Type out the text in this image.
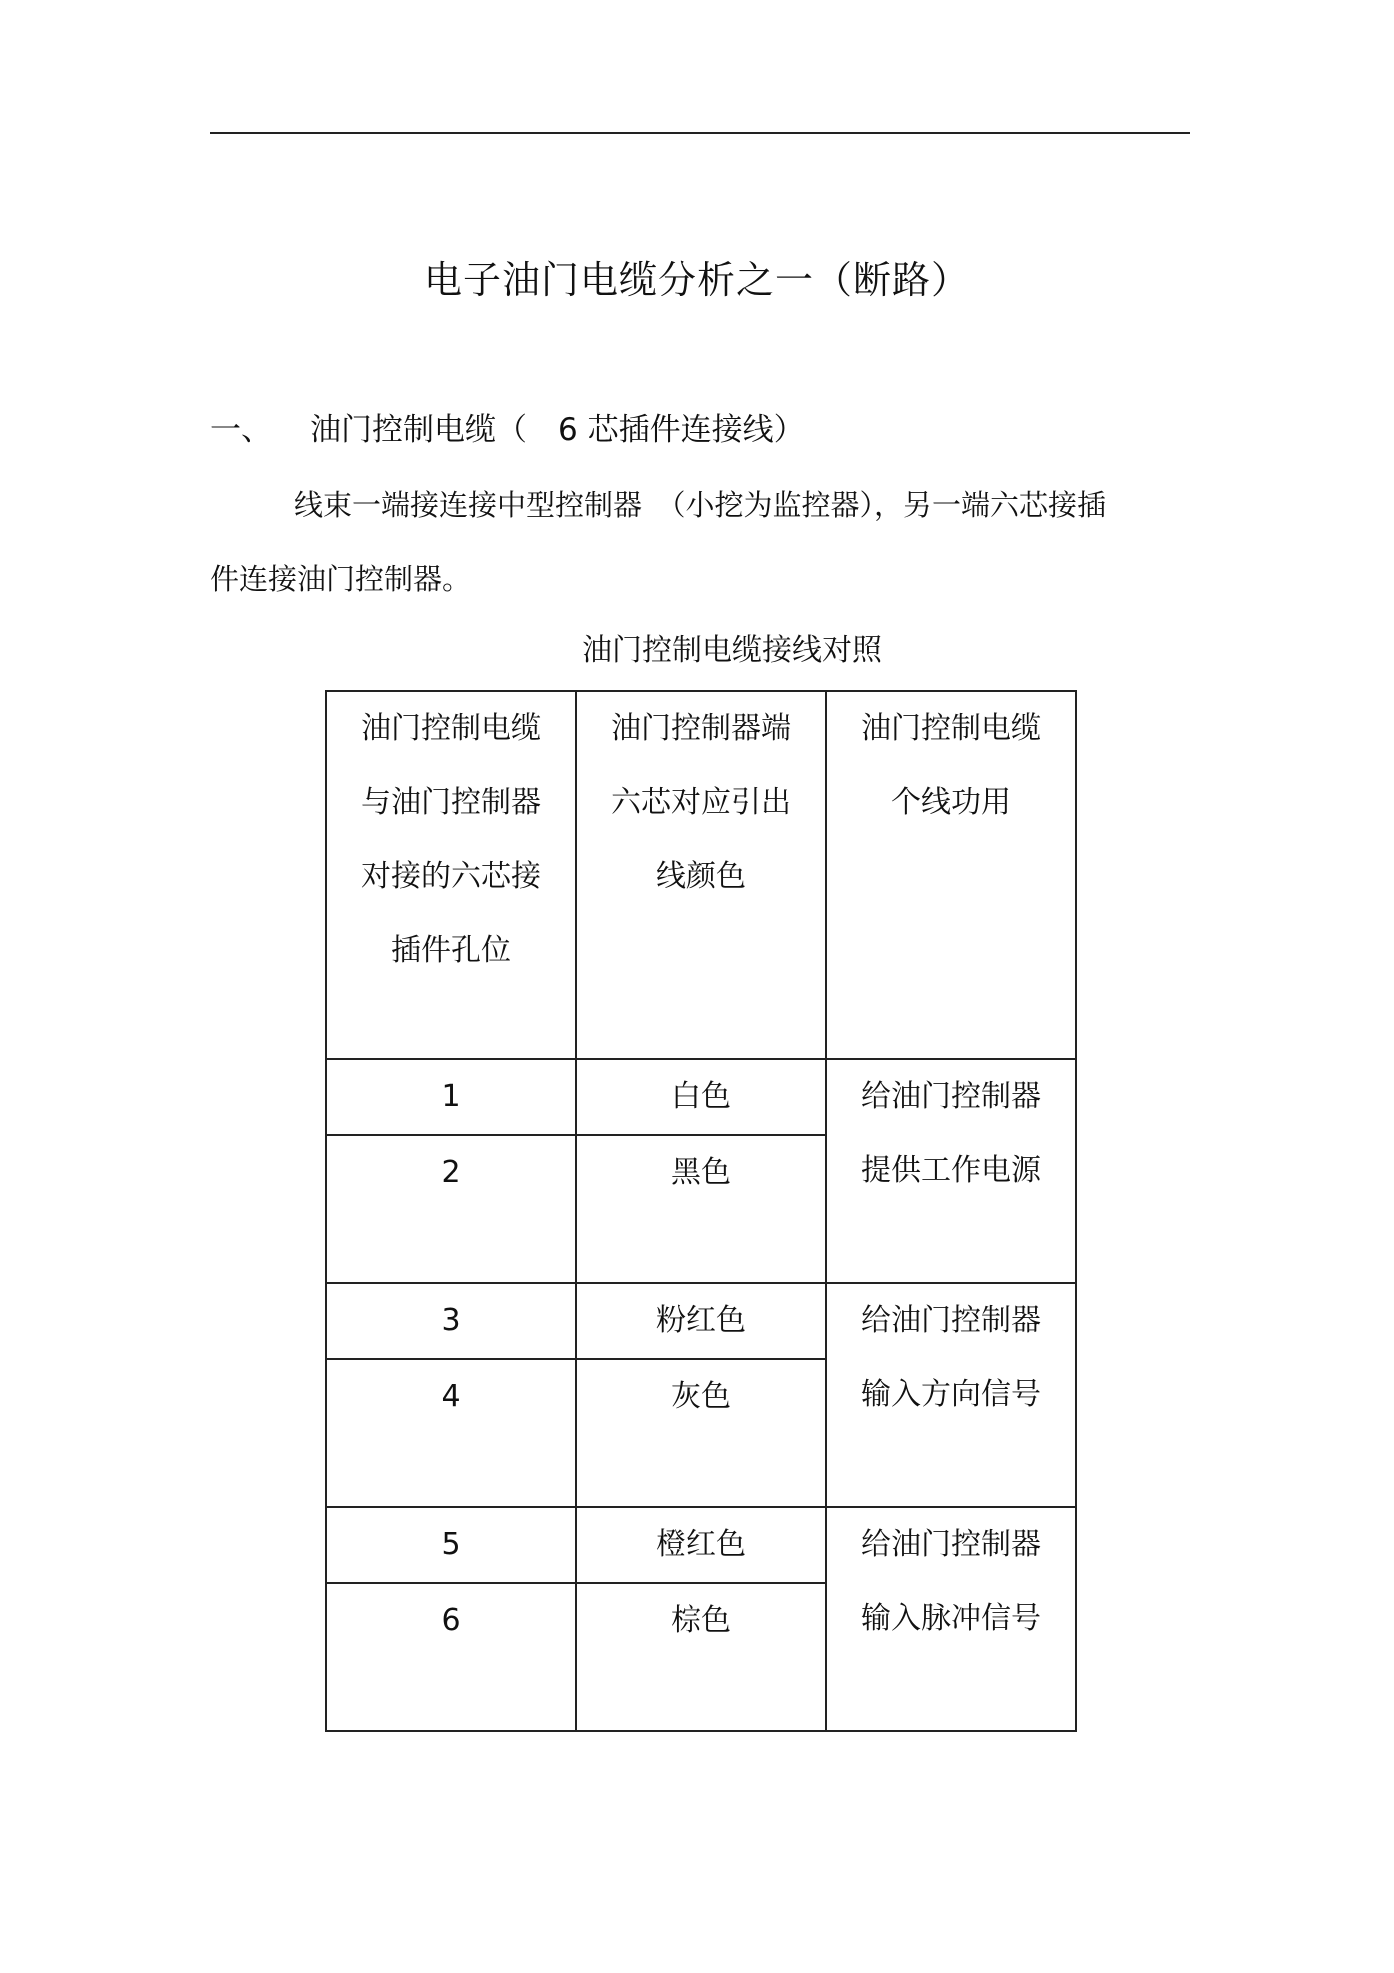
电子油门电缆分析之一（断路）
一、 油门控制电缆（　6 芯插件连接线）
线束一端接连接中型控制器　（小挖为监控器），另一端六芯接插
件连接油门控制器。
油门控制电缆接线对照
油门控制电缆与油门控制器对接的六芯接插件孔位	油门控制器端六芯对应引出线颜色	油门控制电缆个线功用
1	白色	给油门控制器提供工作电源
2	黑色	
3	粉红色	给油门控制器输入方向信号
4	灰色	
5	橙红色	给油门控制器输入脉冲信号
6	棕色	
